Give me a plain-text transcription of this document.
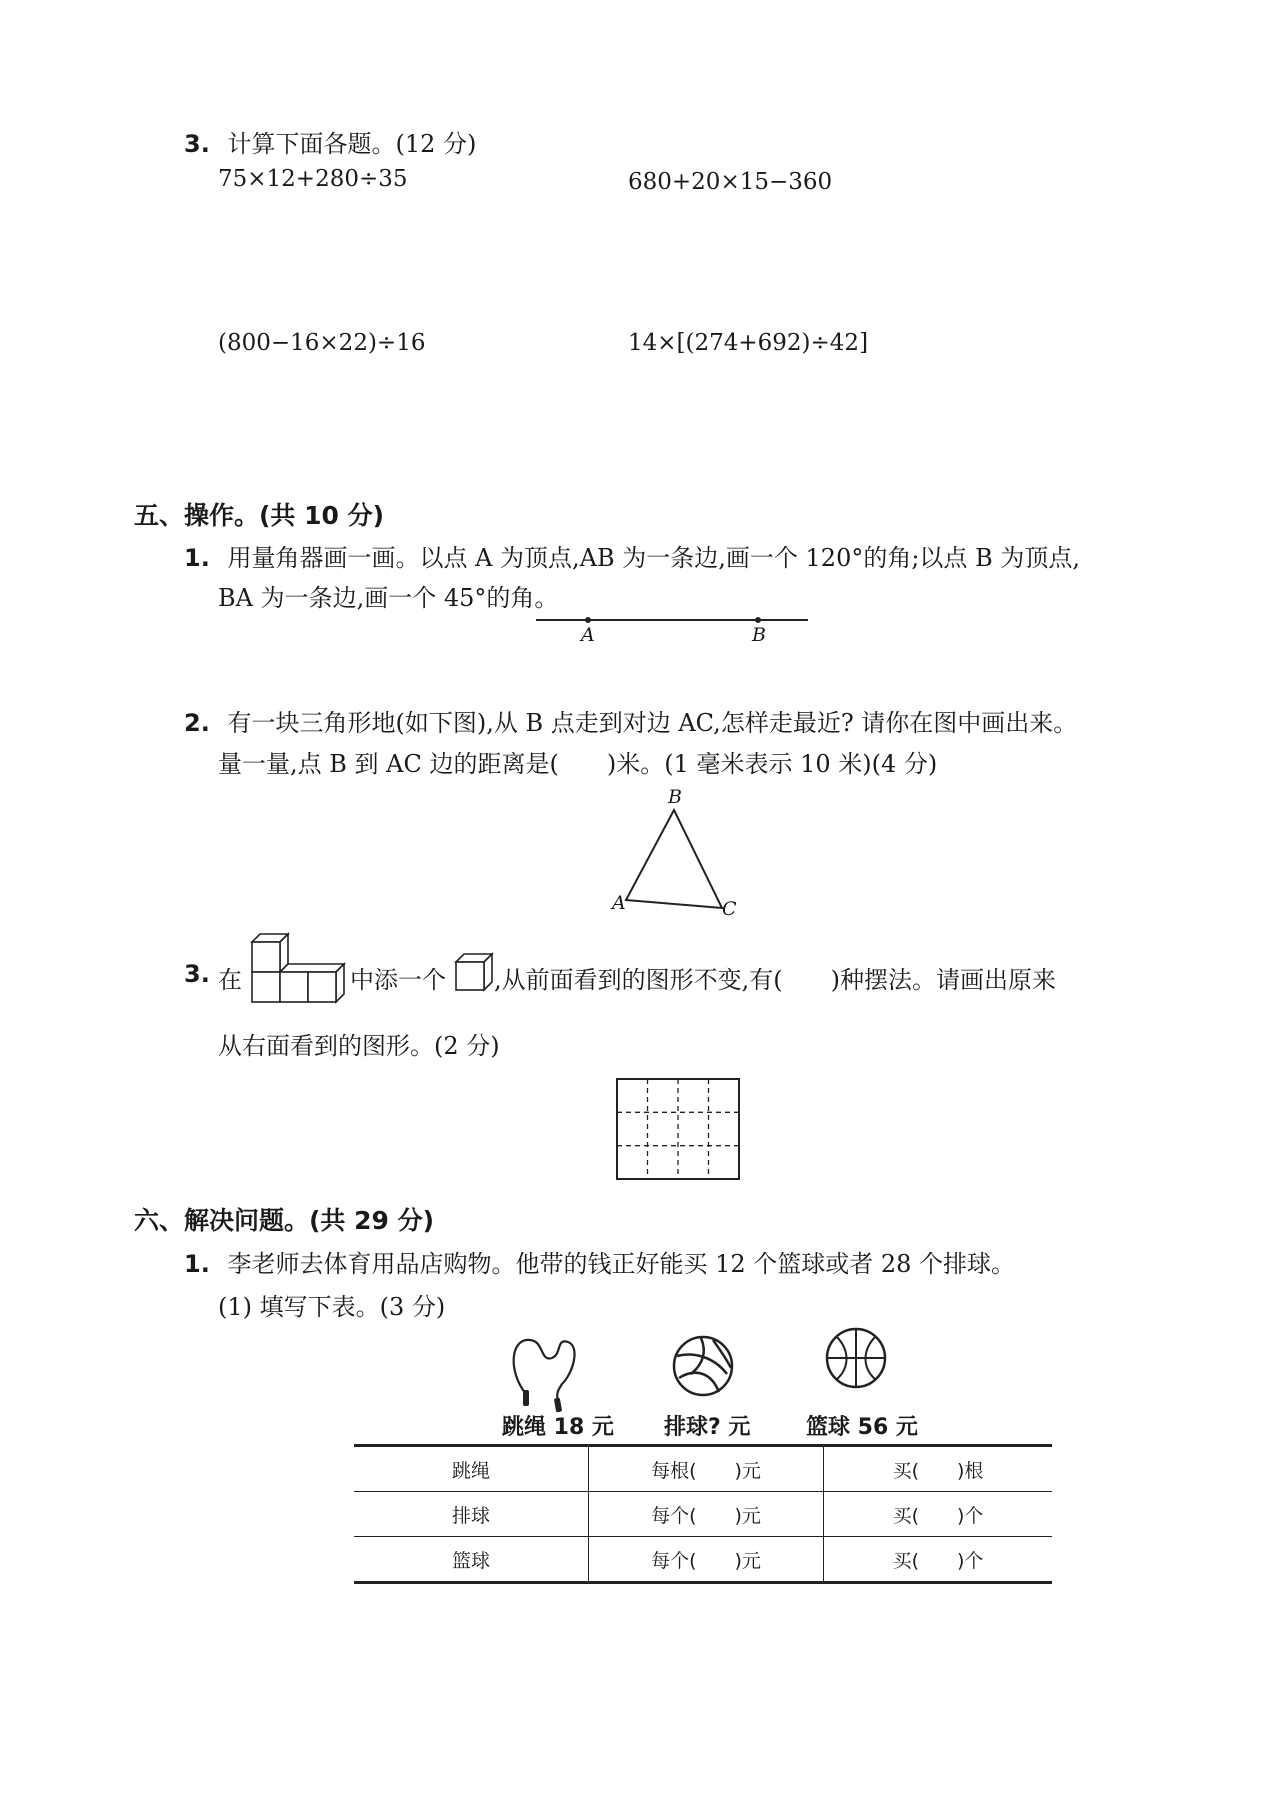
3. 计算下面各题。(12 分)
75×12+280÷35	680+20×15−360
(800−16×22)÷16	14×[(274+692)÷42]
五、操作。(共 10 分)
1. 用量角器画一画。以点 A 为顶点,AB 为一条边,画一个 120°的角;以点 B 为顶点,
BA 为一条边,画一个 45°的角。
A	B
2. 有一块三角形地(如下图),从 B 点走到对边 AC,怎样走最近? 请你在图中画出来。
量一量,点 B 到 AC 边的距离是(　　)米。(1 毫米表示 10 米)(4 分)
B
A	C
3. 在	中添一个 ,从前面看到的图形不变,有(　　)种摆法。请画出原来
从右面看到的图形。(2 分)
六、解决问题。(共 29 分)
1. 李老师去体育用品店购物。他带的钱正好能买 12 个篮球或者 28 个排球。
(1) 填写下表。(3 分)
跳绳 18 元 排球? 元	篮球 56 元
跳绳	每根(　　)元	买(　　)根
排球	每个(　　)元	买(　　)个
篮球	每个(　　)元	买(　　)个
